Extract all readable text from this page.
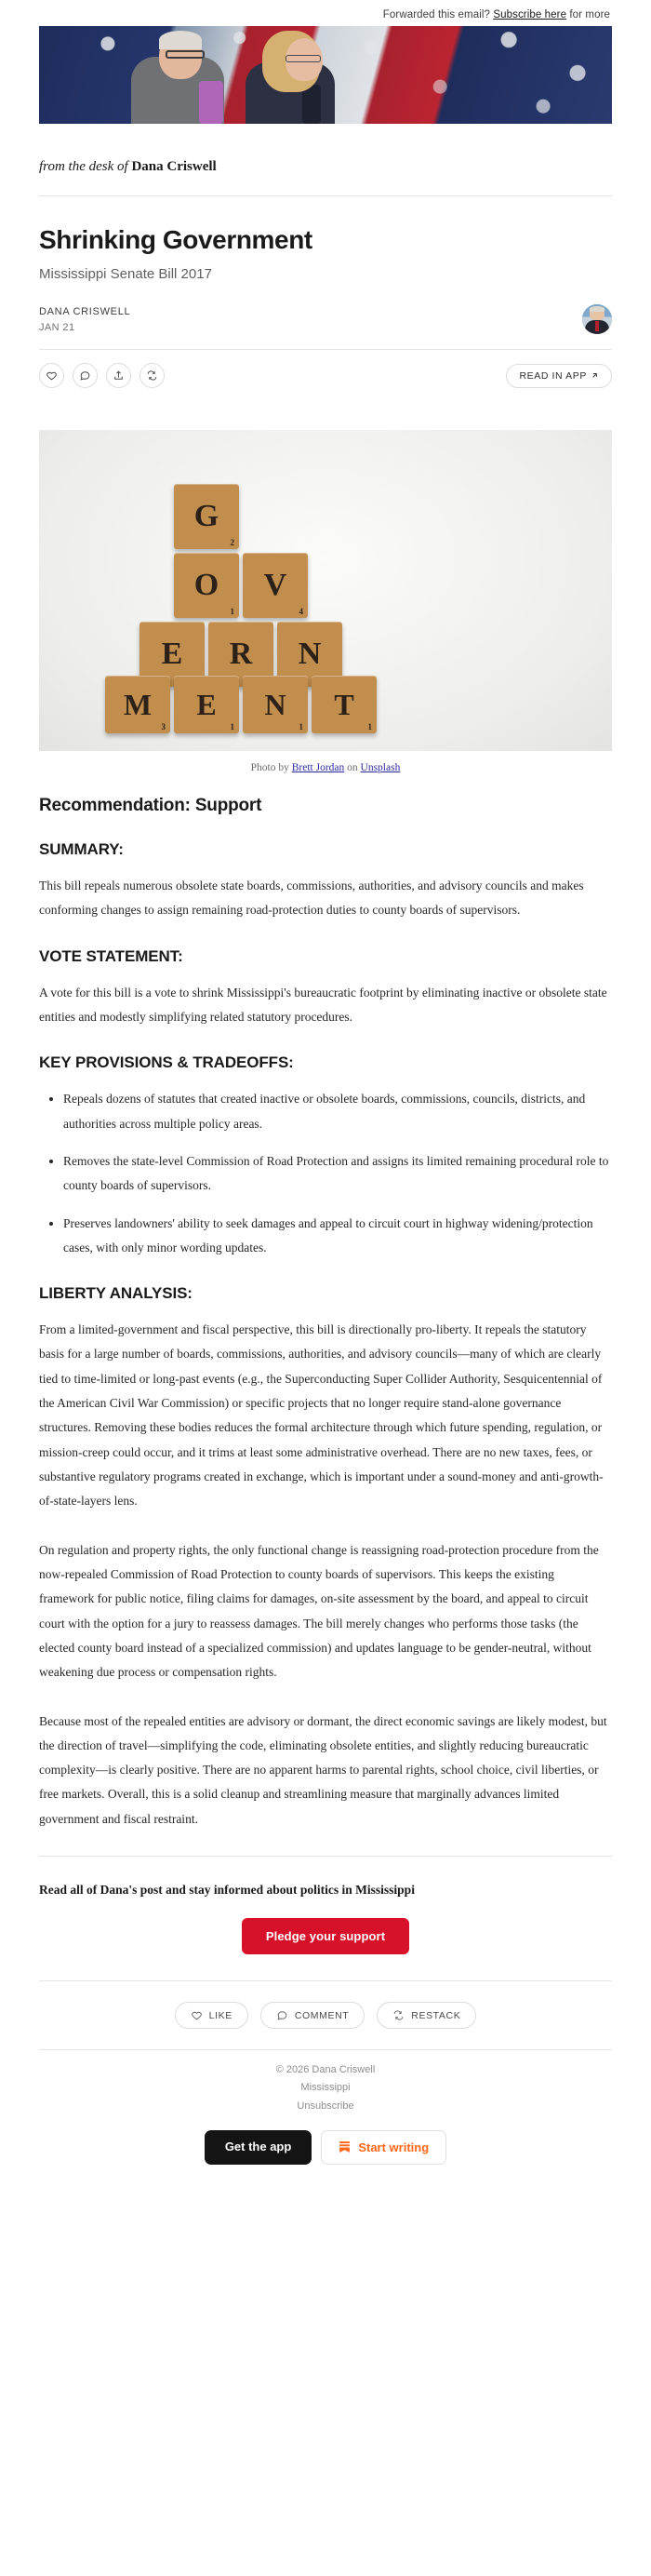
Forwarded this email? Subscribe here for more
from the desk of Dana Criswell
Shrinking Government

Mississippi Senate Bill 2017

DANA CRISWELL
JAN 21
READ IN APP
G
2
O
1
V
4
E	R	N
M
3
E
1
N
1
T
1
Photo by Brett Jordan on Unsplash
Recommendation: Support
SUMMARY:

This bill repeals numerous obsolete state boards, commissions, authorities, and advisory councils and makes conforming changes to assign remaining road-protection duties to county boards of supervisors.

VOTE STATEMENT:

A vote for this bill is a vote to shrink Mississippi's bureaucratic footprint by eliminating inactive or obsolete state entities and modestly simplifying related statutory procedures.

KEY PROVISIONS & TRADEOFFS:
• Repeals dozens of statutes that created inactive or obsolete boards, commissions, councils, districts, and authorities across multiple policy areas.
• Removes the state-level Commission of Road Protection and assigns its limited remaining procedural role to county boards of supervisors.
• Preserves landowners' ability to seek damages and appeal to circuit court in highway widening/protection cases, with only minor wording updates.
LIBERTY ANALYSIS:

From a limited-government and fiscal perspective, this bill is directionally pro-liberty. It repeals the statutory basis for a large number of boards, commissions, authorities, and advisory councils—many of which are clearly tied to time-limited or long-past events (e.g., the Superconducting Super Collider Authority, Sesquicentennial of the American Civil War Commission) or specific projects that no longer require stand-alone governance structures. Removing these bodies reduces the formal architecture through which future spending, regulation, or mission-creep could occur, and it trims at least some administrative overhead. There are no new taxes, fees, or substantive regulatory programs created in exchange, which is important under a sound-money and anti-growth-of-state-layers lens.

On regulation and property rights, the only functional change is reassigning road-protection procedure from the now-repealed Commission of Road Protection to county boards of supervisors. This keeps the existing framework for public notice, filing claims for damages, on-site assessment by the board, and appeal to circuit court with the option for a jury to reassess damages. The bill merely changes who performs those tasks (the elected county board instead of a specialized commission) and updates language to be gender-neutral, without weakening due process or compensation rights.

Because most of the repealed entities are advisory or dormant, the direct economic savings are likely modest, but the direction of travel—simplifying the code, eliminating obsolete entities, and slightly reducing bureaucratic complexity—is clearly positive. There are no apparent harms to parental rights, school choice, civil liberties, or free markets. Overall, this is a solid cleanup and streamlining measure that marginally advances limited government and fiscal restraint.

Read all of Dana's post and stay informed about politics in Mississippi
Pledge your support
LIKE	COMMENT	RESTACK
© 2026 Dana Criswell
Mississippi
Unsubscribe
Get the app	Start writing
